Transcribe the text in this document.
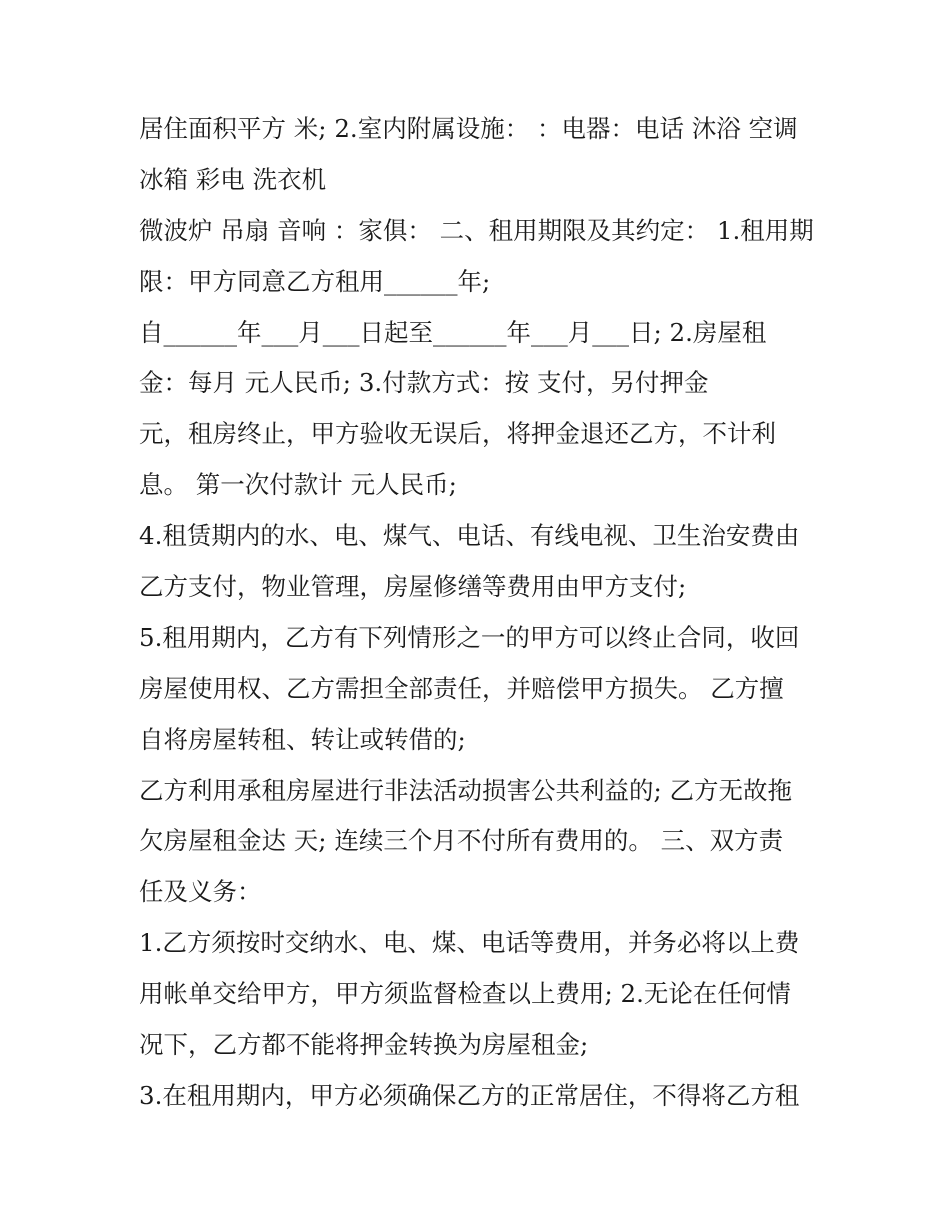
居住面积平方 米; 2.室内附属设施： ：电器：电话 沐浴 空调
冰箱 彩电 洗衣机
微波炉 吊扇 音响 ：家俱： 二、租用期限及其约定： 1.租用期
限：甲方同意乙方租用______年;
自______年___月___日起至______年___月___日; 2.房屋租
金：每月 元人民币; 3.付款方式：按 支付，另付押金
元，租房终止，甲方验收无误后，将押金退还乙方，不计利
息。 第一次付款计 元人民币;
4.租赁期内的水、电、煤气、电话、有线电视、卫生治安费由
乙方支付，物业管理，房屋修缮等费用由甲方支付;
5.租用期内，乙方有下列情形之一的甲方可以终止合同，收回
房屋使用权、乙方需担全部责任，并赔偿甲方损失。 乙方擅
自将房屋转租、转让或转借的;
乙方利用承租房屋进行非法活动损害公共利益的; 乙方无故拖
欠房屋租金达 天; 连续三个月不付所有费用的。 三、双方责
任及义务：
1.乙方须按时交纳水、电、煤、电话等费用，并务必将以上费
用帐单交给甲方，甲方须监督检查以上费用; 2.无论在任何情
况下，乙方都不能将押金转换为房屋租金;
3.在租用期内，甲方必须确保乙方的正常居住，不得将乙方租
